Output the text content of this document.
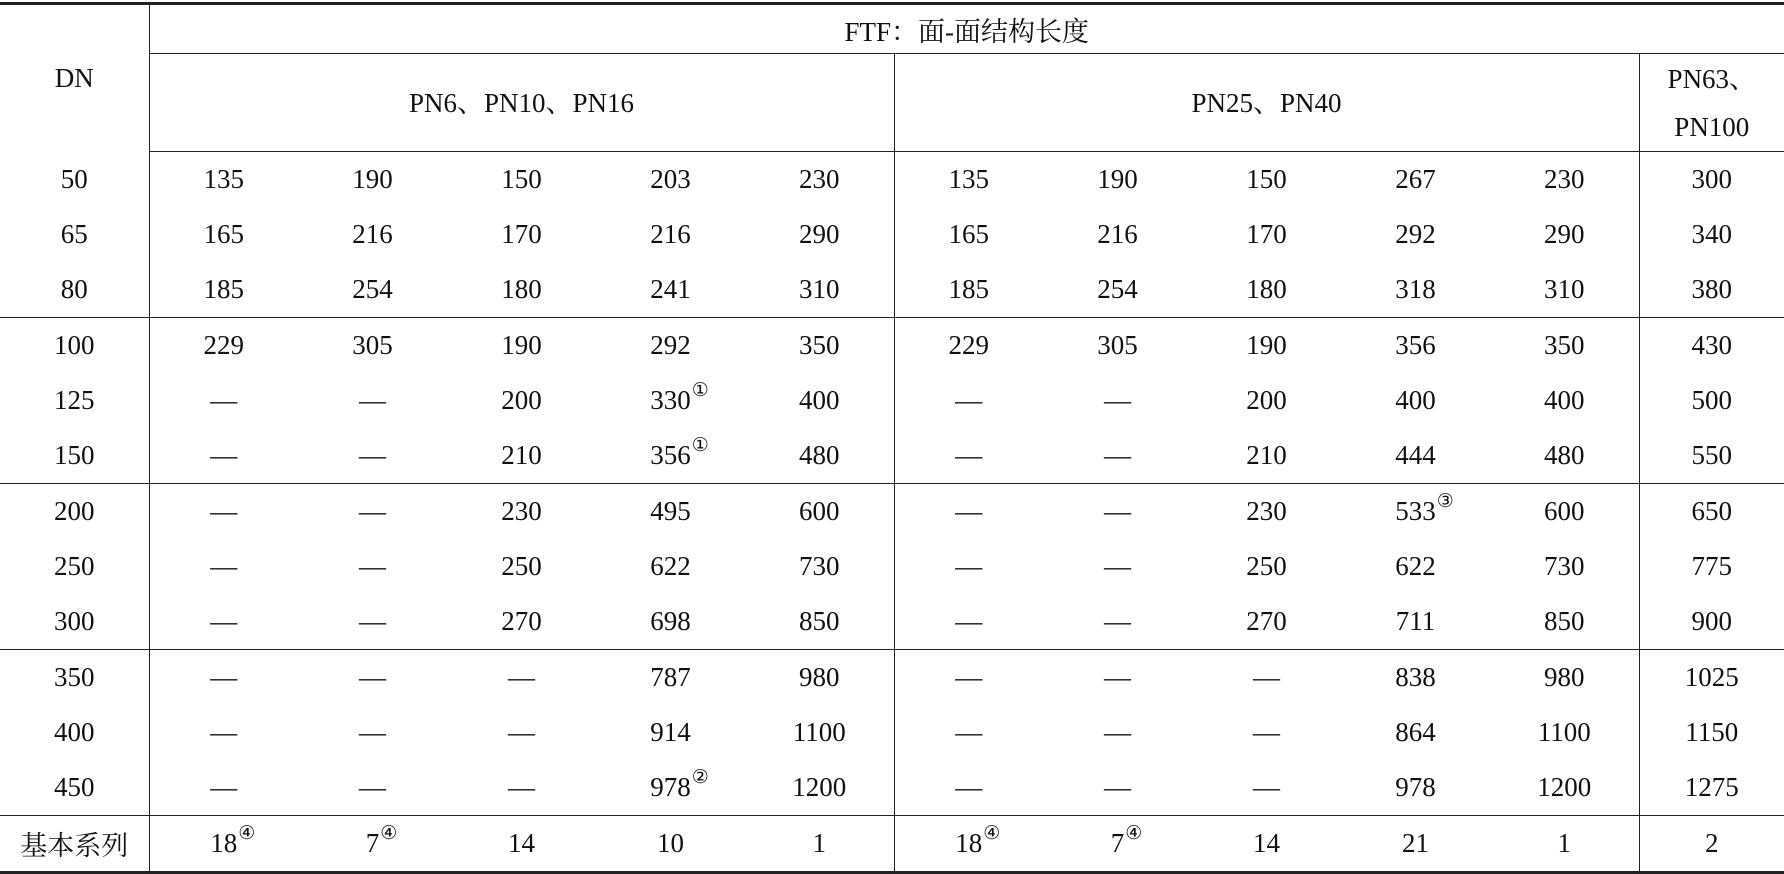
DN	FTF：面-面结构长度										
	PN6、PN10、PN16					PN25、PN40					PN63、
PN100

50	135	190	150	203	230	135	190	150	267	230	300
65	165	216	170	216	290	165	216	170	292	290	340
80	185	254	180	241	310	185	254	180	318	310	380
100	229	305	190	292	350	229	305	190	356	350	430
125	—	—	200	330 ①	400	—	—	200	400	400	500
150	—	—	210	356 ①	480	—	—	210	444	480	550
200	—	—	230	495	600	—	—	230	533 ③	600	650
250	—	—	250	622	730	—	—	250	622	730	775
300	—	—	270	698	850	—	—	270	711	850	900
350	—	—	—	787	980	—	—	—	838	980	1025
400	—	—	—	914	1100	—	—	—	864	1100	1150
450	—	—	—	978 ②	1200	—	—	—	978	1200	1275
基本系列	18 ④	7 ④	14	10	1	18 ④	7 ④	14	21	1	2
